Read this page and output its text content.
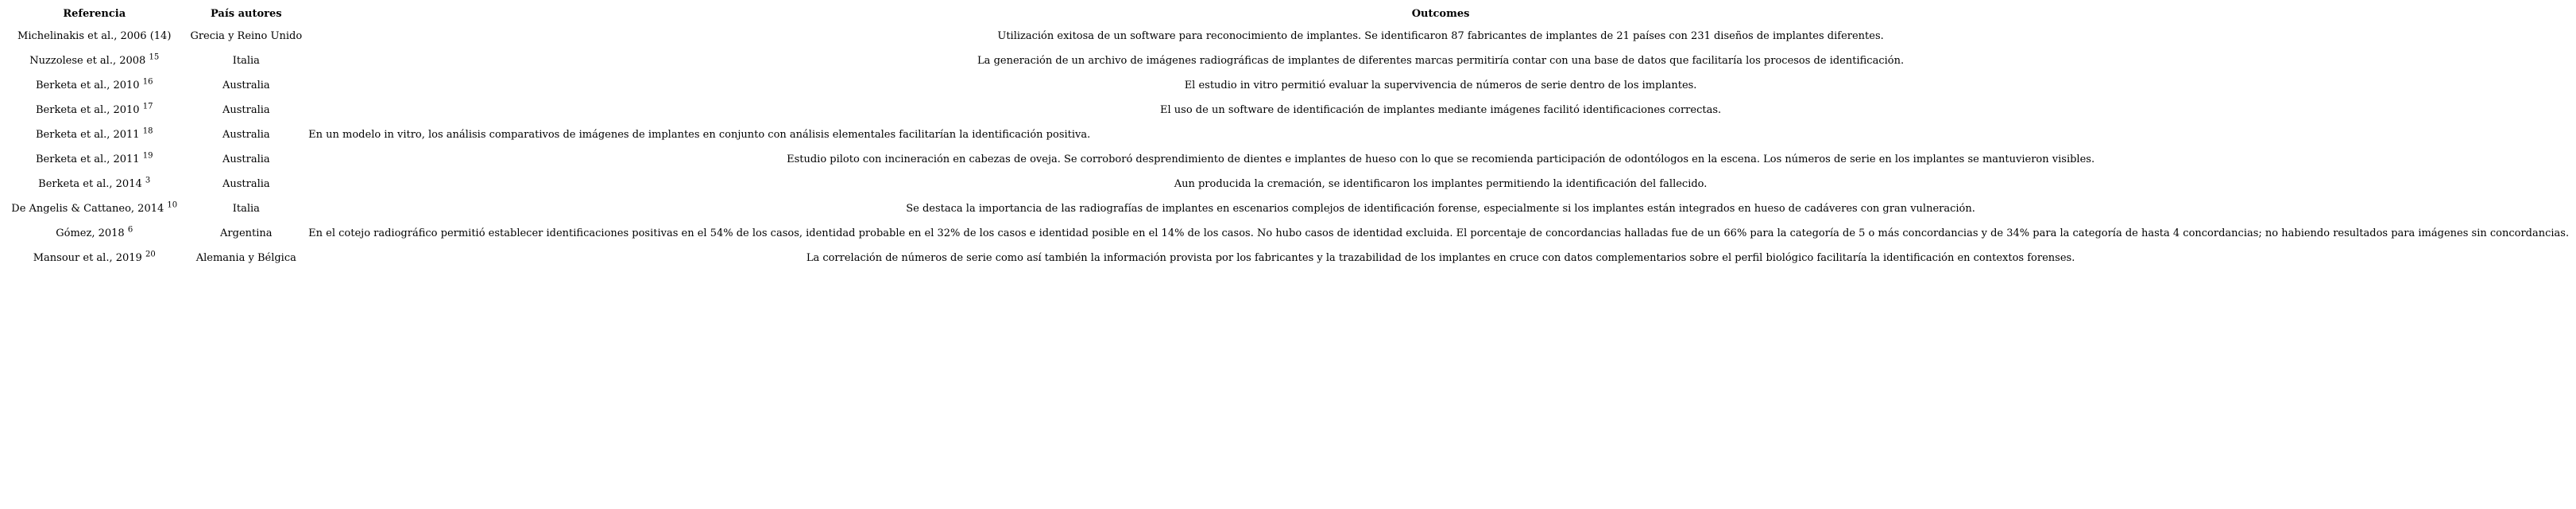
Referencia	País autores	Outcomes
Michelinakis et al., 2006 (14)	Grecia y Reino Unido	Utilización exitosa de un software para reconocimiento de implantes. Se identificaron 87 fabricantes de implantes de 21 países con 231 diseños de implantes diferentes.
Nuzzolese et al., 2008 $^{15}$	Italia	La generación de un archivo de imágenes radiográficas de implantes de diferentes marcas permitiría contar con una base de datos que facilitaría los procesos de identificación.
Berketa et al., 2010 $^{16}$	Australia	El estudio in vitro permitió evaluar la supervivencia de números de serie dentro de los implantes.
Berketa et al., 2010 $^{17}$	Australia	El uso de un software de identificación de implantes mediante imágenes facilitó identificaciones correctas.
Berketa et al., 2011 $^{18}$	Australia	En un modelo in vitro, los análisis comparativos de imágenes de implantes en conjunto con análisis elementales facilitarían la identificación positiva.
Berketa et al., 2011 $^{19}$	Australia	Estudio piloto con incineración en cabezas de oveja. Se corroboró desprendimiento de dientes e implantes de hueso con lo que se recomienda participación de odontólogos en la escena. Los números de serie en los implantes se mantuvieron visibles.
Berketa et al., 2014 $^3$	Australia	Aun producida la cremación, se identificaron los implantes permitiendo la identificación del fallecido.
De Angelis & Cattaneo, 2014 $^{10}$	Italia	Se destaca la importancia de las radiografías de implantes en escenarios complejos de identificación forense, especialmente si los implantes están integrados en hueso de cadáveres con gran vulneración.
Gómez, 2018 $^6$	Argentina	En el cotejo radiográfico permitió establecer identificaciones positivas en el 54% de los casos, identidad probable en el 32% de los casos e identidad posible en el 14% de los casos. No hubo casos de identidad excluida. El porcentaje de concordancias halladas fue de un 66% para la categoría de 5 o más concordancias y de 34% para la categoría de hasta 4 concordancias; no habiendo resultados para imágenes sin concordancias.
Mansour et al., 2019 $^{20}$	Alemania y Bélgica	La correlación de números de serie como así también la información provista por los fabricantes y la trazabilidad de los implantes en cruce con datos complementarios sobre el perfil biológico facilitaría la identificación en contextos forenses.
